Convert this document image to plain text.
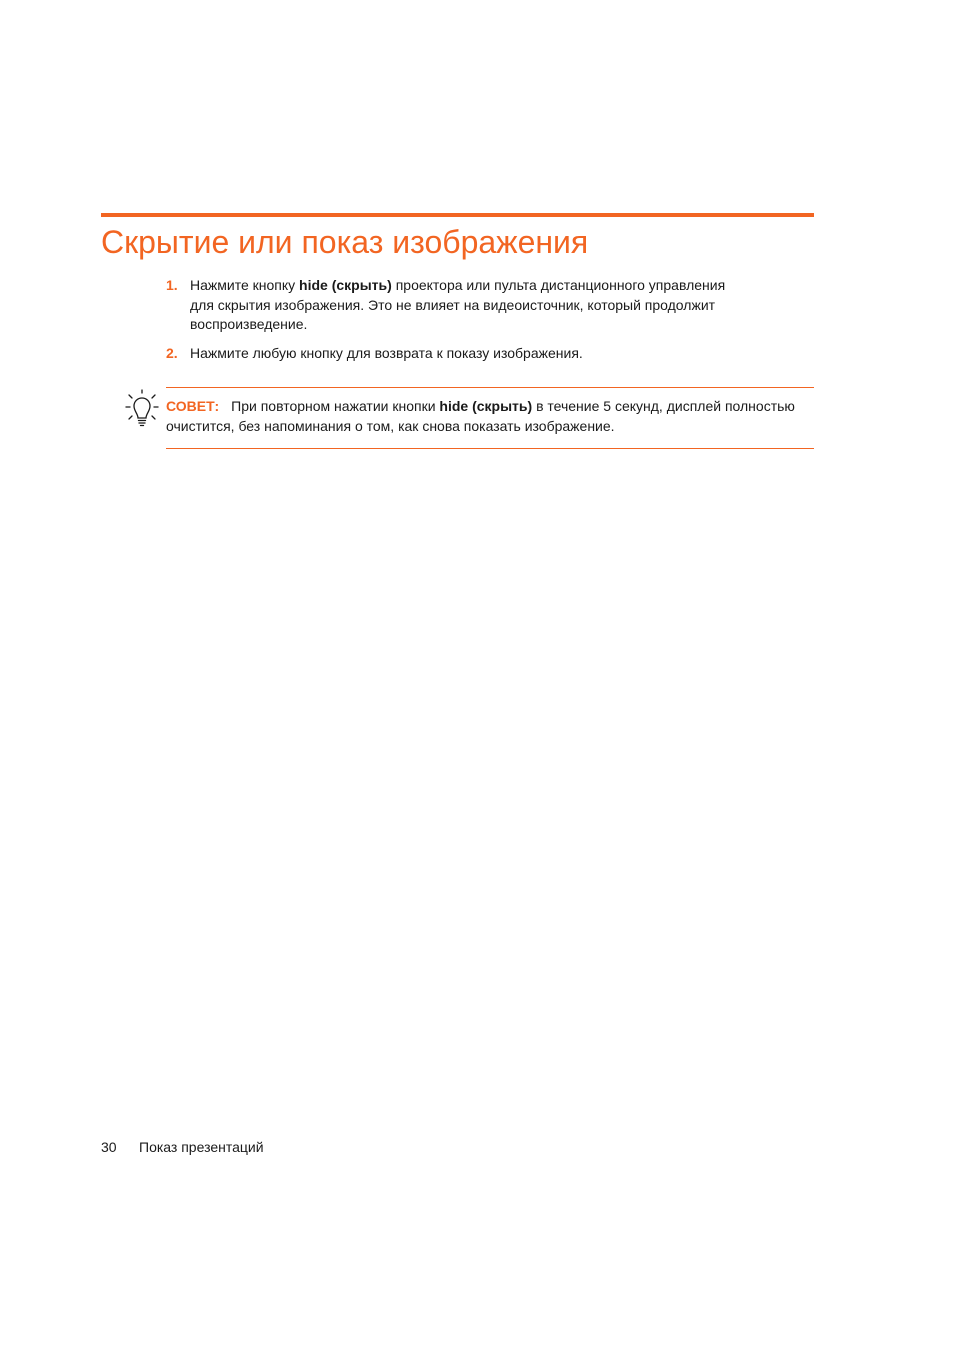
Скрытие или показ изображения
1. Нажмите кнопку hide (скрыть) проектора или пульта дистанционного управления для скрытия изображения. Это не влияет на видеоисточник, который продолжит воспроизведение.
2. Нажмите любую кнопку для возврата к показу изображения.
СОВЕТ: При повторном нажатии кнопки hide (скрыть) в течение 5 секунд, дисплей полностью очистится, без напоминания о том, как снова показать изображение.
30 Показ презентаций
